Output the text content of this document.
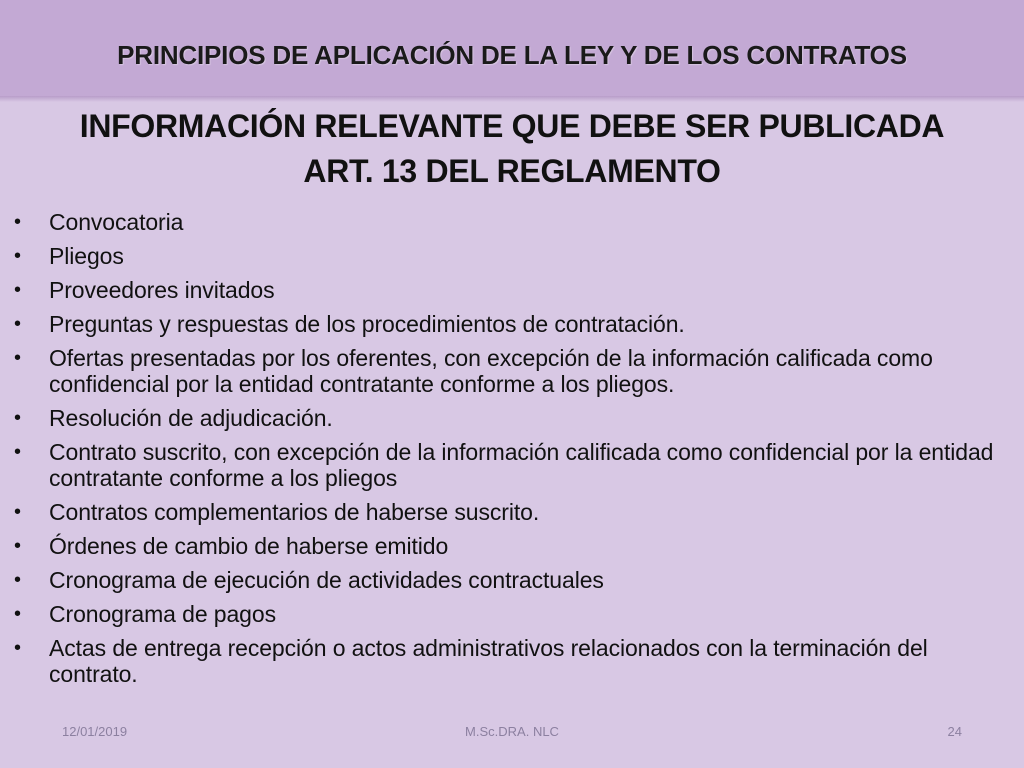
PRINCIPIOS DE APLICACIÓN DE LA LEY Y DE LOS CONTRATOS
INFORMACIÓN RELEVANTE QUE DEBE SER PUBLICADA
ART. 13 DEL REGLAMENTO
• Convocatoria
• Pliegos
• Proveedores invitados
• Preguntas y respuestas de los procedimientos de contratación.
• Ofertas presentadas por los oferentes, con excepción de la información calificada como confidencial por la entidad contratante conforme a los pliegos.
• Resolución de adjudicación.
• Contrato suscrito, con excepción de la información calificada como confidencial por la entidad contratante conforme a los pliegos
• Contratos complementarios de haberse suscrito.
• Órdenes de cambio de haberse emitido
• Cronograma de ejecución de actividades contractuales
• Cronograma de pagos
• Actas de entrega recepción o actos administrativos relacionados con la terminación del contrato.
12/01/2019	M.Sc.DRA. NLC	24
